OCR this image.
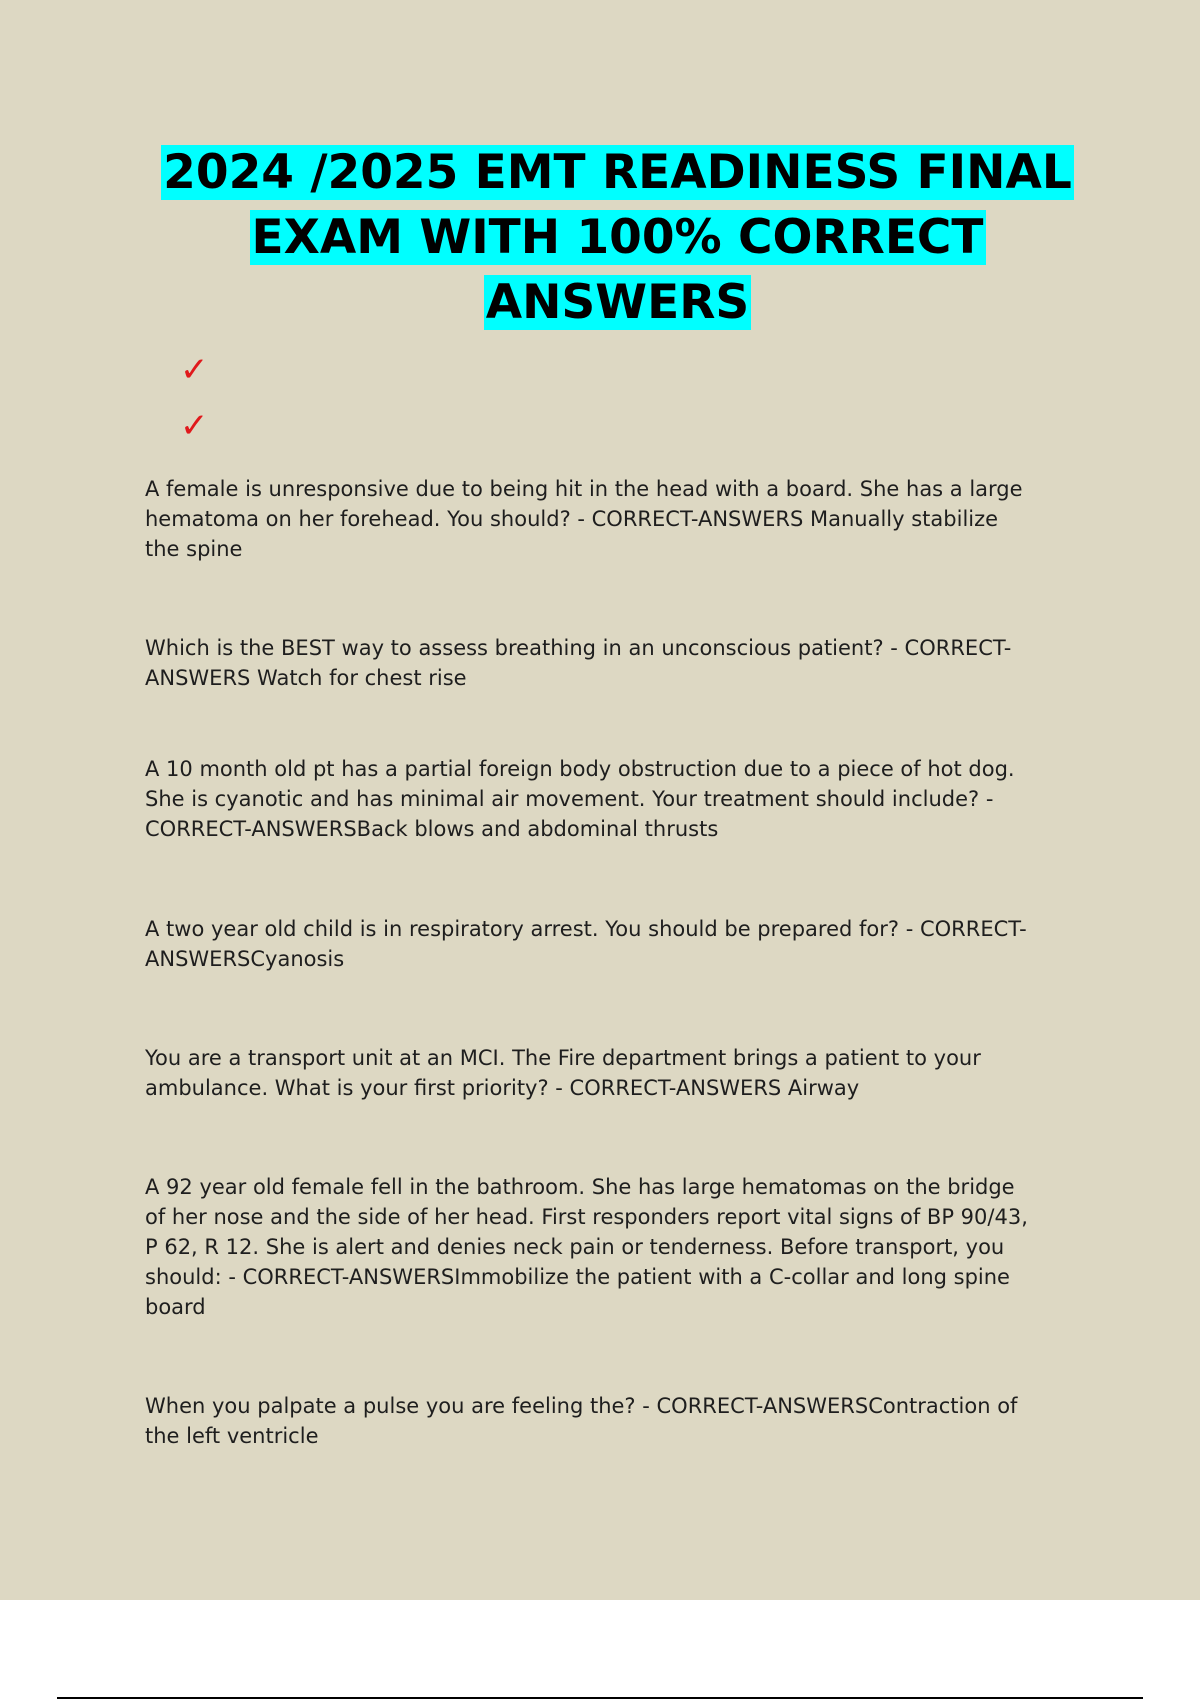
2024 /2025 EMT READINESS FINAL
EXAM WITH 100% CORRECT
ANSWERS
✓
✓

A female is unresponsive due to being hit in the head with a board. She has a large
hematoma on her forehead. You should? - CORRECT-ANSWERS Manually stabilize
the spine

Which is the BEST way to assess breathing in an unconscious patient? - CORRECT-
ANSWERS Watch for chest rise

A 10 month old pt has a partial foreign body obstruction due to a piece of hot dog.
She is cyanotic and has minimal air movement. Your treatment should include? -
CORRECT-ANSWERSBack blows and abdominal thrusts

A two year old child is in respiratory arrest. You should be prepared for? - CORRECT-
ANSWERSCyanosis

You are a transport unit at an MCI. The Fire department brings a patient to your
ambulance. What is your first priority? - CORRECT-ANSWERS Airway

A 92 year old female fell in the bathroom. She has large hematomas on the bridge
of her nose and the side of her head. First responders report vital signs of BP 90/43,
P 62, R 12. She is alert and denies neck pain or tenderness. Before transport, you
should: - CORRECT-ANSWERSImmobilize the patient with a C-collar and long spine
board

When you palpate a pulse you are feeling the? - CORRECT-ANSWERSContraction of
the left ventricle
